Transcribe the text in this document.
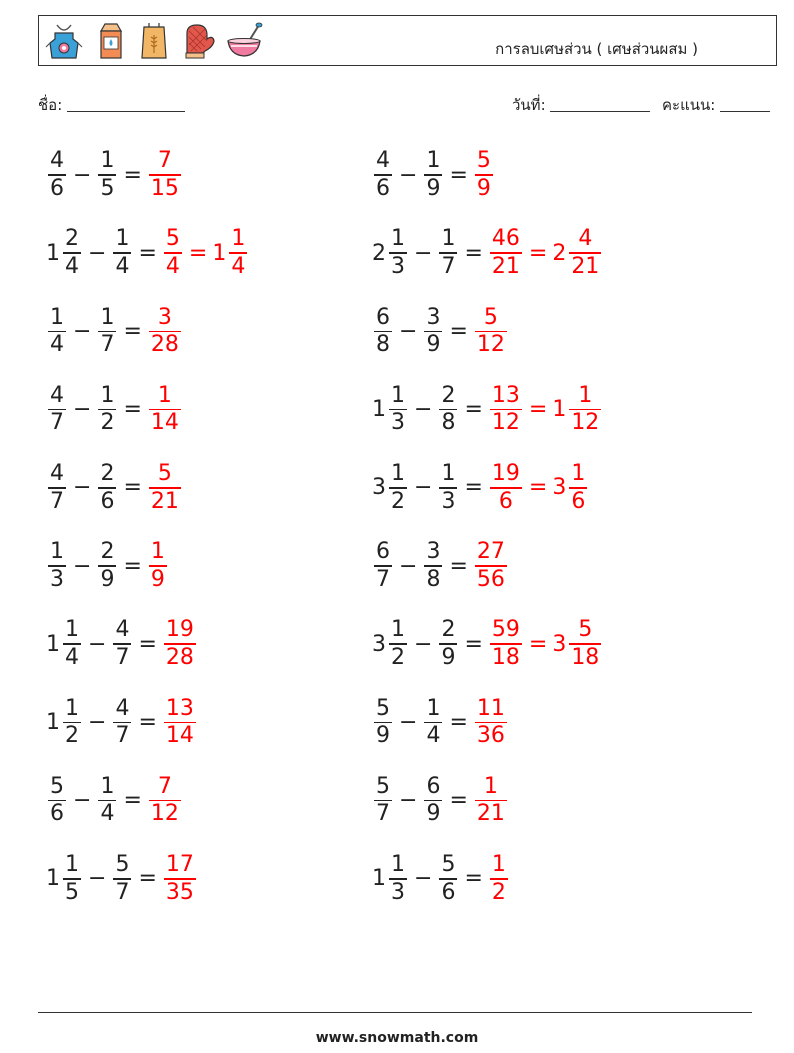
การลบเศษส่วน ( เศษส่วนผสม )
ชื่อ:	วันที่:	คะแนน:
$\frac{4}{6} - \frac{1}{5} = \frac{7}{15}$	$\frac{4}{6} - \frac{1}{9} = \frac{5}{9}$
$1 \frac{2}{4} - \frac{1}{4} = \frac{5}{4} = 1 \frac{1}{4}$	$2 \frac{1}{3} - \frac{1}{7} = \frac{46}{21} = 2 \frac{4}{21}$
$\frac{1}{4} - \frac{1}{7} = \frac{3}{28}$	$\frac{6}{8} - \frac{3}{9} = \frac{5}{12}$
$\frac{4}{7} - \frac{1}{2} = \frac{1}{14}$	$1 \frac{1}{3} - \frac{2}{8} = \frac{13}{12} = 1 \frac{1}{12}$
$\frac{4}{7} - \frac{2}{6} = \frac{5}{21}$	$3 \frac{1}{2} - \frac{1}{3} = \frac{19}{6} = 3 \frac{1}{6}$
$\frac{1}{3} - \frac{2}{9} = \frac{1}{9}$	$\frac{6}{7} - \frac{3}{8} = \frac{27}{56}$
$1 \frac{1}{4} - \frac{4}{7} = \frac{19}{28}$	$3 \frac{1}{2} - \frac{2}{9} = \frac{59}{18} = 3 \frac{5}{18}$
$1 \frac{1}{2} - \frac{4}{7} = \frac{13}{14}$	$\frac{5}{9} - \frac{1}{4} = \frac{11}{36}$
$\frac{5}{6} - \frac{1}{4} = \frac{7}{12}$	$\frac{5}{7} - \frac{6}{9} = \frac{1}{21}$
$1 \frac{1}{5} - \frac{5}{7} = \frac{17}{35}$	$1 \frac{1}{3} - \frac{5}{6} = \frac{1}{2}$
www.snowmath.com
